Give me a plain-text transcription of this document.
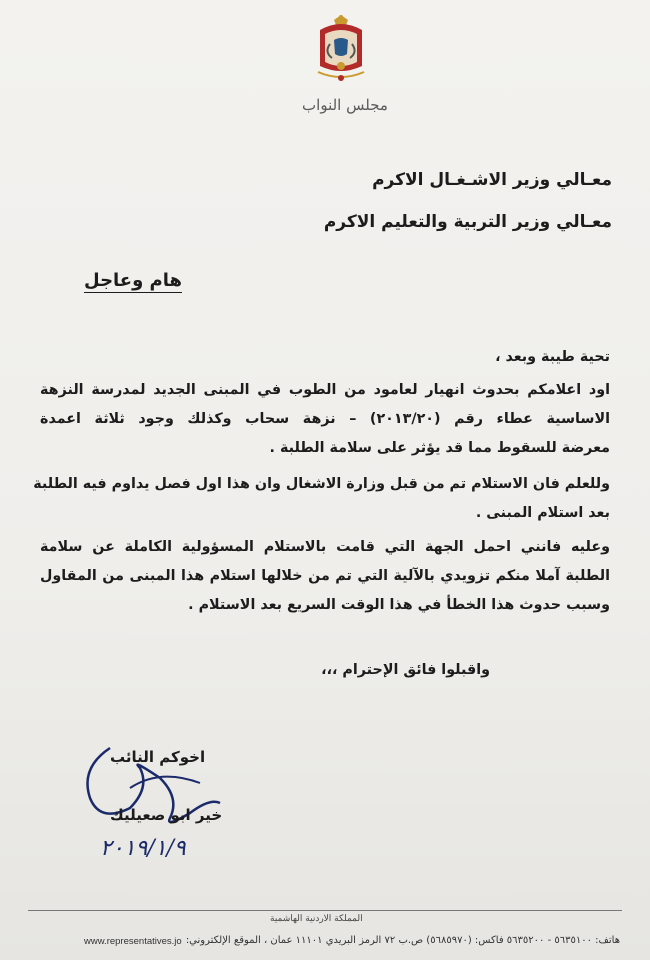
مجلس النواب
معـالي وزير الاشـغـال الاكرم
معـالي وزير التربية والتعليم الاكرم
هام وعاجل
تحية طيبة وبعد ،
اود اعلامكم بحدوث انهيار لعامود من الطوب في المبنى الجديد لمدرسة النزهة
الاساسية عطاء رقم (٢٠١٣/٢٠) – نزهة سحاب وكذلك وجود ثلاثة اعمدة
معرضة للسقوط مما قد يؤثر على سلامة الطلبة .
وللعلم فان الاستلام تم من قبل وزارة الاشغال وان هذا اول فصل يداوم فيه الطلبة
بعد استلام المبنى .
وعليه فانني احمل الجهة التي قامت بالاستلام المسؤولية الكاملة عن سلامة
الطلبة آملا منكم تزويدي بالآلية التي تم من خلالها استلام هذا المبنى من المقاول
وسبب حدوث هذا الخطأ في هذا الوقت السريع بعد الاستلام .
واقبلوا فائق الإحترام ،،،
اخوكم النائب
خير ابو صعيليك
٢٠١٩/١/٩
المملكة الاردنية الهاشمية
www.representatives.jo هاتف: ٥٦٣٥١٠٠ - ٥٦٣٥٢٠٠ فاكس: (٥٦٨٥٩٧٠) ص.ب ٧٢ الرمز البريدي ١١١٠١ عمان ، الموقع الإلكتروني:
